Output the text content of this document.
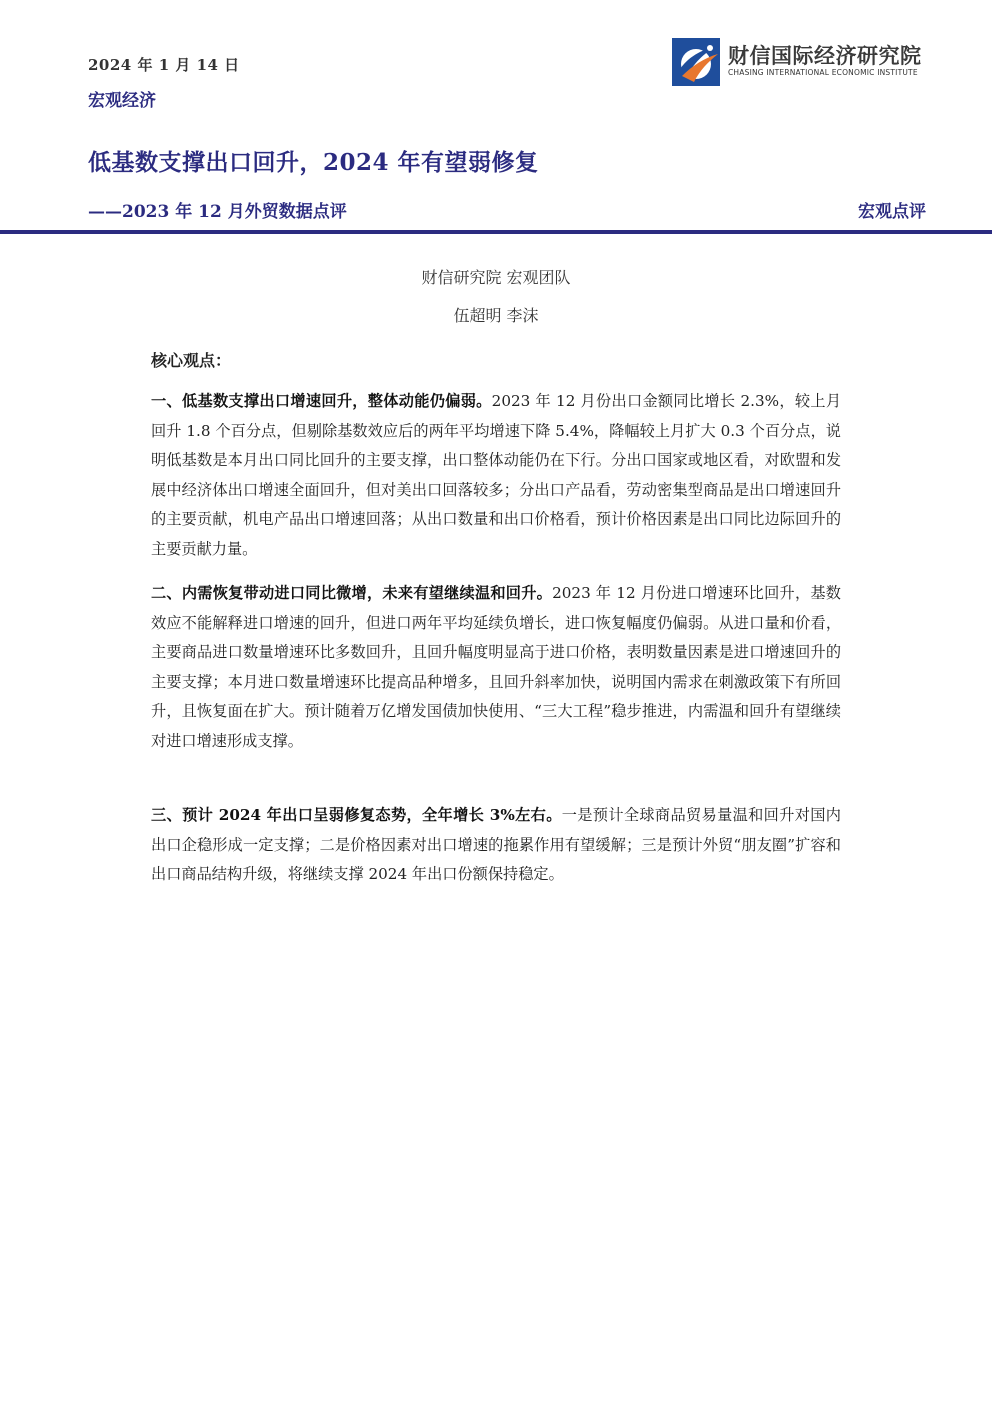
2024 年 1 月 14 日
宏观经济
财信国际经济研究院
CHASING INTERNATIONAL ECONOMIC INSTITUTE
低基数支撑出口回升，2024 年有望弱修复
——2023 年 12 月外贸数据点评	宏观点评
财信研究院 宏观团队
伍超明 李沫
核心观点：

一、低基数支撑出口增速回升，整体动能仍偏弱。2023 年 12 月份出口金额同比增长 2.3%，较上月回升 1.8 个百分点，但剔除基数效应后的两年平均增速下降 5.4%，降幅较上月扩大 0.3 个百分点，说明低基数是本月出口同比回升的主要支撑，出口整体动能仍在下行。分出口国家或地区看，对欧盟和发展中经济体出口增速全面回升，但对美出口回落较多；分出口产品看，劳动密集型商品是出口增速回升的主要贡献，机电产品出口增速回落；从出口数量和出口价格看，预计价格因素是出口同比边际回升的主要贡献力量。

二、内需恢复带动进口同比微增，未来有望继续温和回升。2023 年 12 月份进口增速环比回升，基数效应不能解释进口增速的回升，但进口两年平均延续负增长，进口恢复幅度仍偏弱。从进口量和价看，主要商品进口数量增速环比多数回升，且回升幅度明显高于进口价格，表明数量因素是进口增速回升的主要支撑；本月进口数量增速环比提高品种增多，且回升斜率加快，说明国内需求在刺激政策下有所回升，且恢复面在扩大。预计随着万亿增发国债加快使用、“三大工程”稳步推进，内需温和回升有望继续对进口增速形成支撑。

三、预计 2024 年出口呈弱修复态势，全年增长 3%左右。一是预计全球商品贸易量温和回升对国内出口企稳形成一定支撑；二是价格因素对出口增速的拖累作用有望缓解；三是预计外贸“朋友圈”扩容和出口商品结构升级，将继续支撑 2024 年出口份额保持稳定。
